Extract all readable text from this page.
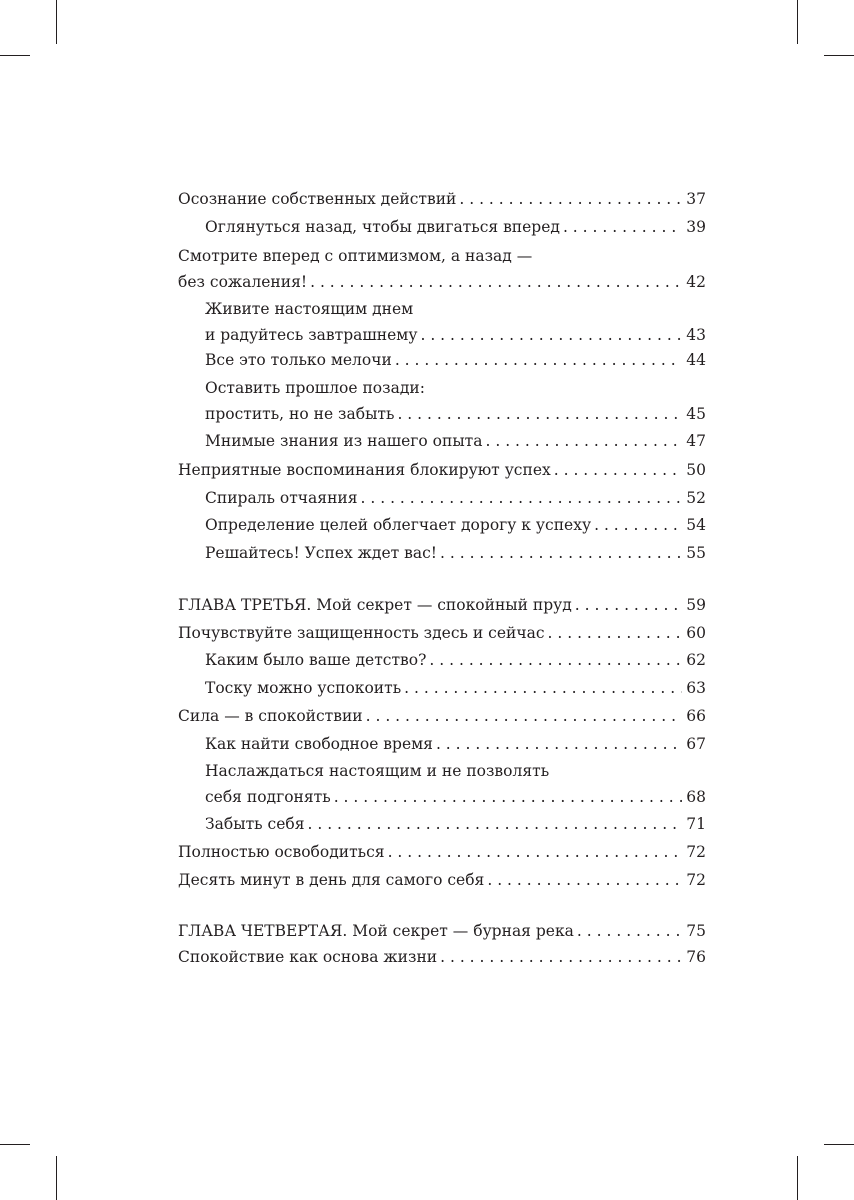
Осознание собственных действий . . .	37
Оглянуться назад, чтобы двигаться вперед . . .	39
Смотрите вперед с оптимизмом, а назад —
без сожаления! . . .	42
Живите настоящим днем
и радуйтесь завтрашнему . . .	43
Все это только мелочи . . .	44
Оставить прошлое позади:
простить, но не забыть . . .	45
Мнимые знания из нашего опыта . . .	47
Неприятные воспоминания блокируют успех . . .	50
Спираль отчаяния . . .	52
Определение целей облегчает дорогу к успеху . . .	54
Решайтесь! Успех ждет вас! . . .	55
ГЛАВА ТРЕТЬЯ. Мой секрет — спокойный пруд . . .	59
Почувствуйте защищенность здесь и сейчас . . .	60
Каким было ваше детство? . . .	62
Тоску можно успокоить . . .	63
Сила — в спокойствии . . .	66
Как найти свободное время . . .	67
Наслаждаться настоящим и не позволять
себя подгонять . . .	68
Забыть себя . . .	71
Полностью освободиться . . .	72
Десять минут в день для самого себя . . .	72
ГЛАВА ЧЕТВЕРТАЯ. Мой секрет — бурная река . . .	75
Спокойствие как основа жизни . . .	76
